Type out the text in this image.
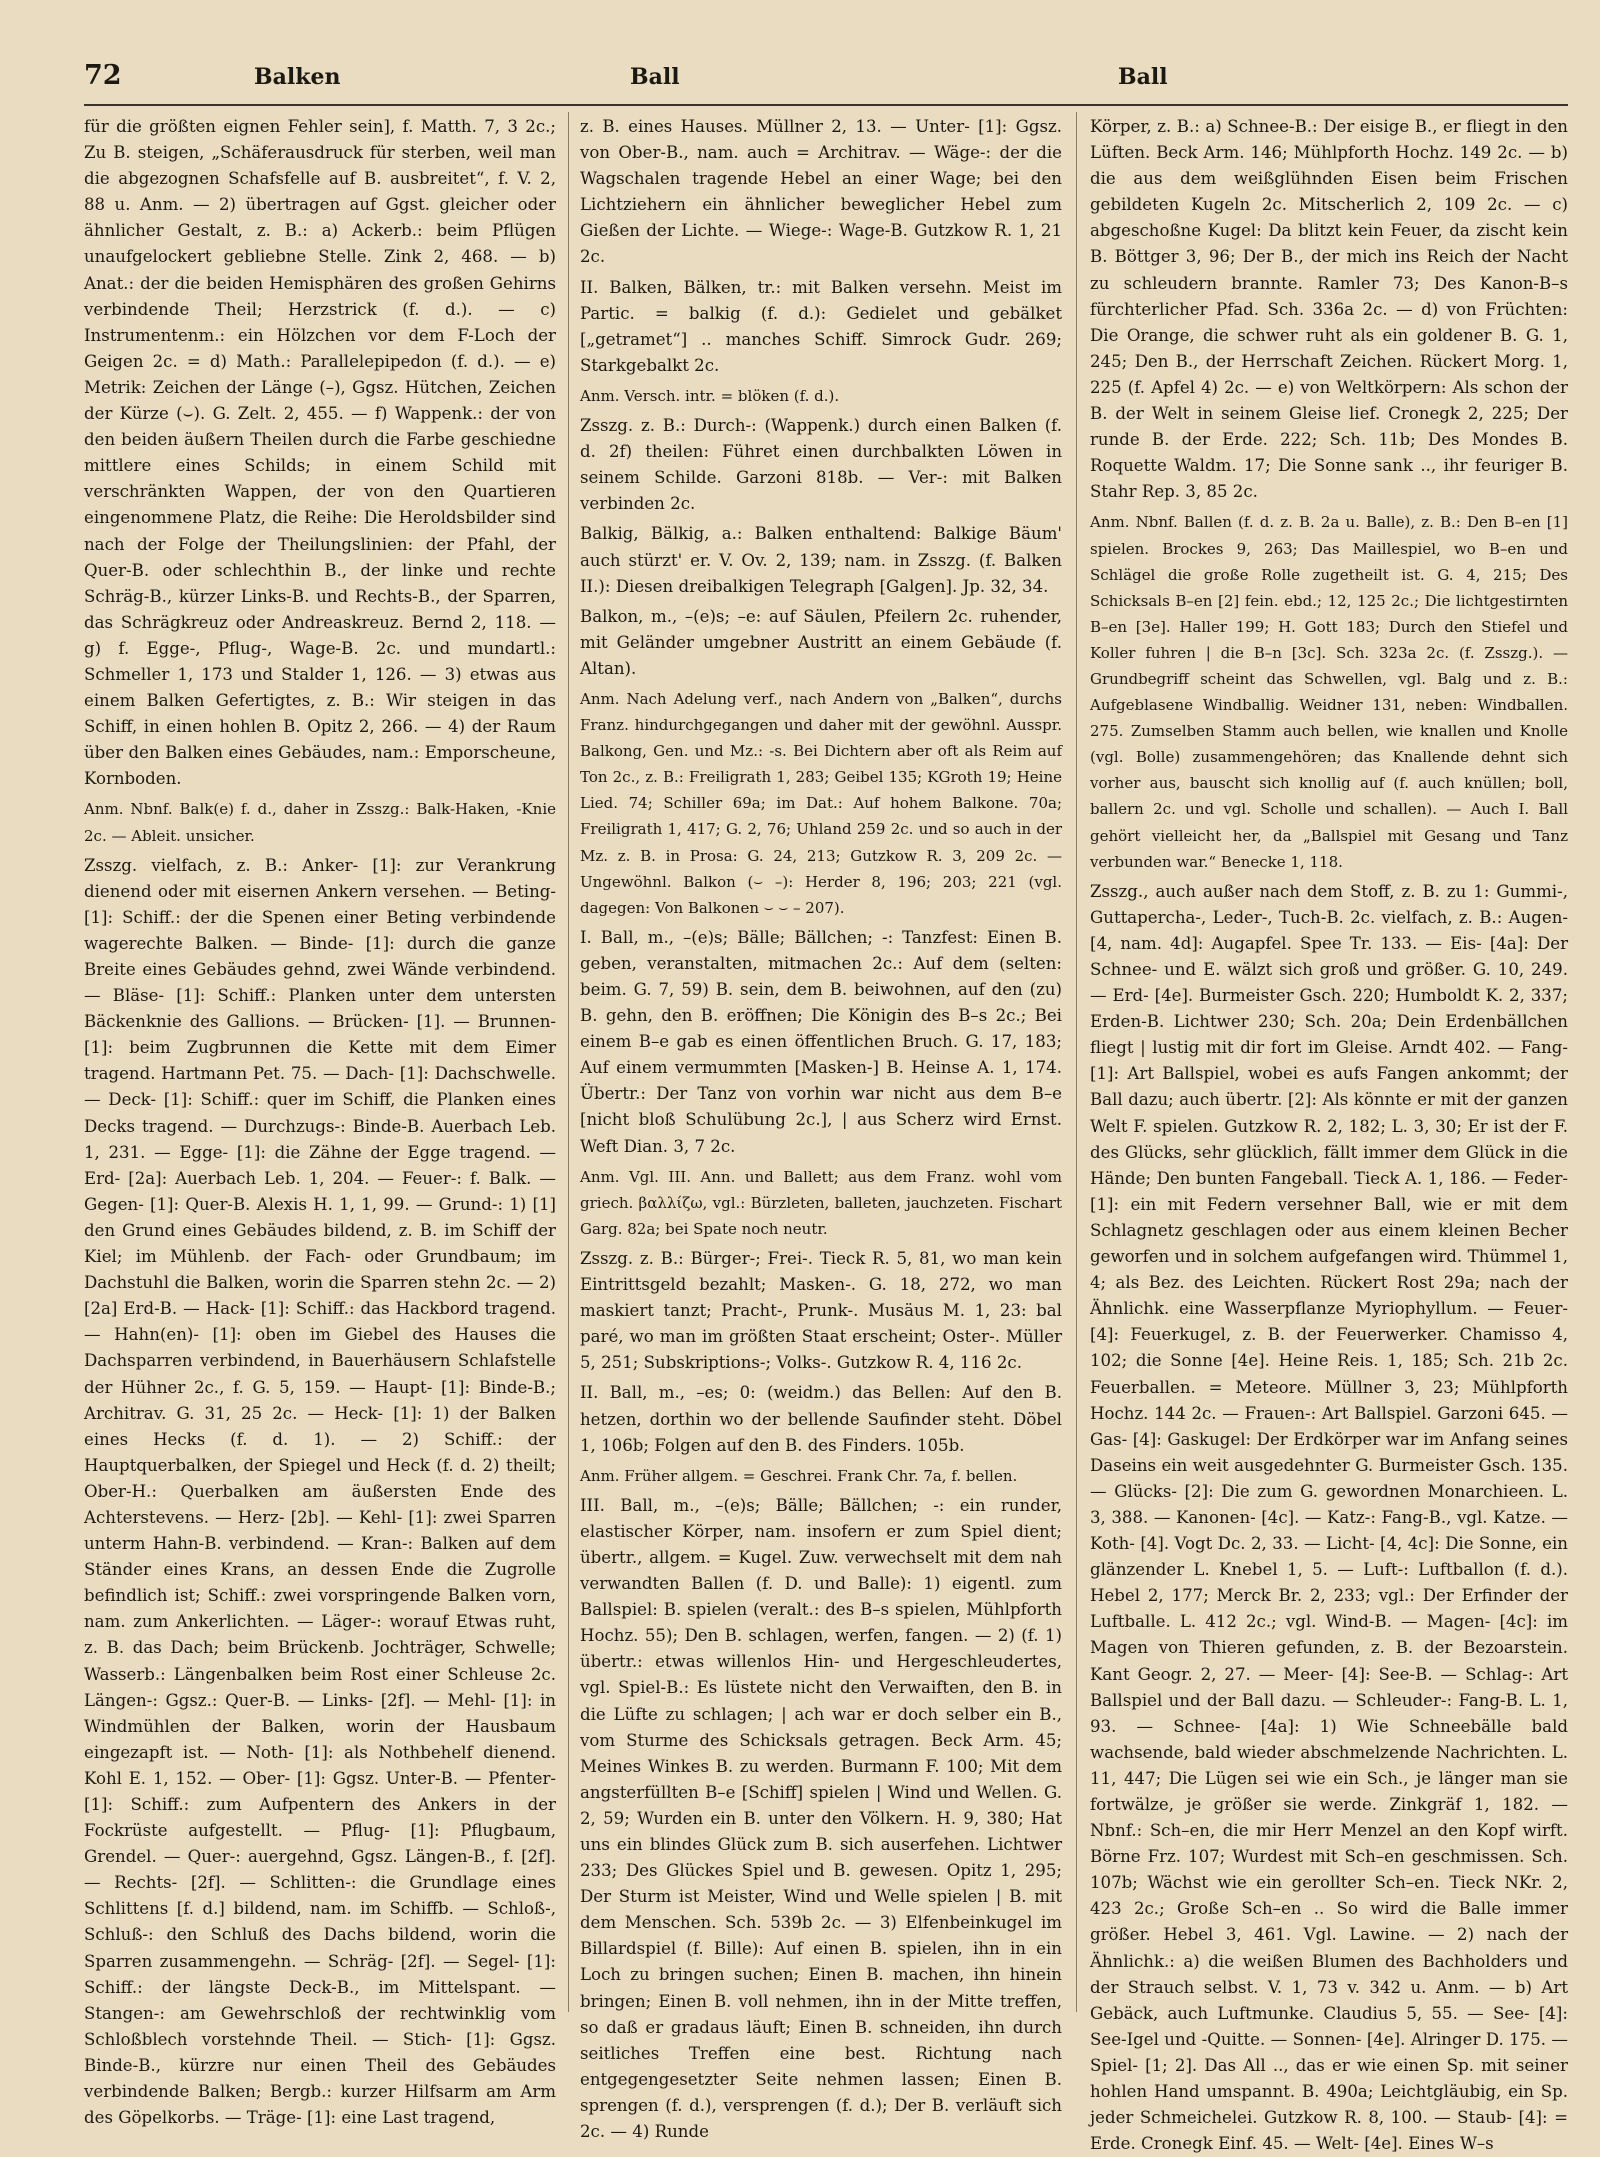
72	Balken	Ball	Ball

für die größten eignen Fehler sein], f. Matth. 7, 3 2c.; Zu B. steigen, „Schäferausdruck für sterben, weil man die abgezognen Schafsfelle auf B. ausbreitet“, f. V. 2, 88 u. Anm. — 2) übertragen auf Ggst. gleicher oder ähnlicher Gestalt, z. B.: a) Ackerb.: beim Pflügen unaufgelockert gebliebne Stelle. Zink 2, 468. — b) Anat.: der die beiden Hemisphären des großen Gehirns verbindende Theil; Herzstrick (f. d.). — c) Instrumentenm.: ein Hölzchen vor dem F-Loch der Geigen 2c. = d) Math.: Parallelepipedon (f. d.). — e) Metrik: Zeichen der Länge (–), Ggsz. Hütchen, Zeichen der Kürze (⌣). G. Zelt. 2, 455. — f) Wappenk.: der von den beiden äußern Theilen durch die Farbe geschiedne mittlere eines Schilds; in einem Schild mit verschränkten Wappen, der von den Quartieren eingenommene Platz, die Reihe: Die Heroldsbilder sind nach der Folge der Theilungslinien: der Pfahl, der Quer-B. oder schlechthin B., der linke und rechte Schräg-B., kürzer Links-B. und Rechts-B., der Sparren, das Schrägkreuz oder Andreaskreuz. Bernd 2, 118. — g) f. Egge-, Pflug-, Wage-B. 2c. und mundartl.: Schmeller 1, 173 und Stalder 1, 126. — 3) etwas aus einem Balken Gefertigtes, z. B.: Wir steigen in das Schiff, in einen hohlen B. Opitz 2, 266. — 4) der Raum über den Balken eines Gebäudes, nam.: Emporscheune, Kornboden.

Anm. Nbnf. Balk(e) f. d., daher in Zsszg.: Balk-Haken, -Knie 2c. — Ableit. unsicher.

Zsszg. vielfach, z. B.: Anker- [1]: zur Verankrung dienend oder mit eisernen Ankern versehen. — Beting- [1]: Schiff.: der die Spenen einer Beting verbindende wagerechte Balken. — Binde- [1]: durch die ganze Breite eines Gebäudes gehnd, zwei Wände verbindend. — Bläse- [1]: Schiff.: Planken unter dem untersten Bäckenknie des Gallions. — Brücken- [1]. — Brunnen- [1]: beim Zugbrunnen die Kette mit dem Eimer tragend. Hartmann Pet. 75. — Dach- [1]: Dachschwelle. — Deck- [1]: Schiff.: quer im Schiff, die Planken eines Decks tragend. — Durchzugs-: Binde-B. Auerbach Leb. 1, 231. — Egge- [1]: die Zähne der Egge tragend. — Erd- [2a]: Auerbach Leb. 1, 204. — Feuer-: f. Balk. — Gegen- [1]: Quer-B. Alexis H. 1, 1, 99. — Grund-: 1) [1] den Grund eines Gebäudes bildend, z. B. im Schiff der Kiel; im Mühlenb. der Fach- oder Grundbaum; im Dachstuhl die Balken, worin die Sparren stehn 2c. — 2) [2a] Erd-B. — Hack- [1]: Schiff.: das Hackbord tragend. — Hahn(en)- [1]: oben im Giebel des Hauses die Dachsparren verbindend, in Bauerhäusern Schlafstelle der Hühner 2c., f. G. 5, 159. — Haupt- [1]: Binde-B.; Architrav. G. 31, 25 2c. — Heck- [1]: 1) der Balken eines Hecks (f. d. 1). — 2) Schiff.: der Hauptquerbalken, der Spiegel und Heck (f. d. 2) theilt; Ober-H.: Querbalken am äußersten Ende des Achterstevens. — Herz- [2b]. — Kehl- [1]: zwei Sparren unterm Hahn-B. verbindend. — Kran-: Balken auf dem Ständer eines Krans, an dessen Ende die Zugrolle befindlich ist; Schiff.: zwei vorspringende Balken vorn, nam. zum Ankerlichten. — Läger-: worauf Etwas ruht, z. B. das Dach; beim Brückenb. Jochträger, Schwelle; Wasserb.: Längenbalken beim Rost einer Schleuse 2c. Längen-: Ggsz.: Quer-B. — Links- [2f]. — Mehl- [1]: in Windmühlen der Balken, worin der Hausbaum eingezapft ist. — Noth- [1]: als Nothbehelf dienend. Kohl E. 1, 152. — Ober- [1]: Ggsz. Unter-B. — Pfenter- [1]: Schiff.: zum Aufpentern des Ankers in der Fockrüste aufgestellt. — Pflug- [1]: Pflugbaum, Grendel. — Quer-: auergehnd, Ggsz. Längen-B., f. [2f]. — Rechts- [2f]. — Schlitten-: die Grundlage eines Schlittens [f. d.] bildend, nam. im Schiffb. — Schloß-, Schluß-: den Schluß des Dachs bildend, worin die Sparren zusammengehn. — Schräg- [2f]. — Segel- [1]: Schiff.: der längste Deck-B., im Mittelspant. — Stangen-: am Gewehrschloß der rechtwinklig vom Schloßblech vorstehnde Theil. — Stich- [1]: Ggsz. Binde-B., kürzre nur einen Theil des Gebäudes verbindende Balken; Bergb.: kurzer Hilfsarm am Arm des Göpelkorbs. — Träge- [1]: eine Last tragend,

z. B. eines Hauses. Müllner 2, 13. — Unter- [1]: Ggsz. von Ober-B., nam. auch = Architrav. — Wäge-: der die Wagschalen tragende Hebel an einer Wage; bei den Lichtziehern ein ähnlicher beweglicher Hebel zum Gießen der Lichte. — Wiege-: Wage-B. Gutzkow R. 1, 21 2c.

II. Balken, Bälken, tr.: mit Balken versehn. Meist im Partic. = balkig (f. d.): Gedielet und gebälket [„getramet“] .. manches Schiff. Simrock Gudr. 269; Starkgebalkt 2c.

Anm. Versch. intr. = blöken (f. d.).

Zsszg. z. B.: Durch-: (Wappenk.) durch einen Balken (f. d. 2f) theilen: Führet einen durchbalkten Löwen in seinem Schilde. Garzoni 818b. — Ver-: mit Balken verbinden 2c.

Balkig, Bälkig, a.: Balken enthaltend: Balkige Bäum' auch stürzt' er. V. Ov. 2, 139; nam. in Zsszg. (f. Balken II.): Diesen dreibalkigen Telegraph [Galgen]. Jp. 32, 34.

Balkon, m., –(e)s; –e: auf Säulen, Pfeilern 2c. ruhender, mit Geländer umgebner Austritt an einem Gebäude (f. Altan).

Anm. Nach Adelung verf., nach Andern von „Balken“, durchs Franz. hindurchgegangen und daher mit der gewöhnl. Ausspr. Balkong, Gen. und Mz.: -s. Bei Dichtern aber oft als Reim auf Ton 2c., z. B.: Freiligrath 1, 283; Geibel 135; KGroth 19; Heine Lied. 74; Schiller 69a; im Dat.: Auf hohem Balkone. 70a; Freiligrath 1, 417; G. 2, 76; Uhland 259 2c. und so auch in der Mz. z. B. in Prosa: G. 24, 213; Gutzkow R. 3, 209 2c. — Ungewöhnl. Balkon (⌣ –): Herder 8, 196; 203; 221 (vgl. dagegen: Von Balkonen ⌣ ⌣ – 207).

I. Ball, m., –(e)s; Bälle; Bällchen; -: Tanzfest: Einen B. geben, veranstalten, mitmachen 2c.: Auf dem (selten: beim. G. 7, 59) B. sein, dem B. beiwohnen, auf den (zu) B. gehn, den B. eröffnen; Die Königin des B–s 2c.; Bei einem B–e gab es einen öffentlichen Bruch. G. 17, 183; Auf einem vermummten [Masken-] B. Heinse A. 1, 174. Übertr.: Der Tanz von vorhin war nicht aus dem B–e [nicht bloß Schulübung 2c.], | aus Scherz wird Ernst. Weft Dian. 3, 7 2c.

Anm. Vgl. III. Ann. und Ballett; aus dem Franz. wohl vom griech. βαλλίζω, vgl.: Bürzleten, balleten, jauchzeten. Fischart Garg. 82a; bei Spate noch neutr.

Zsszg. z. B.: Bürger-; Frei-. Tieck R. 5, 81, wo man kein Eintrittsgeld bezahlt; Masken-. G. 18, 272, wo man maskiert tanzt; Pracht-, Prunk-. Musäus M. 1, 23: bal paré, wo man im größten Staat erscheint; Oster-. Müller 5, 251; Subskriptions-; Volks-. Gutzkow R. 4, 116 2c.

II. Ball, m., –es; 0: (weidm.) das Bellen: Auf den B. hetzen, dorthin wo der bellende Saufinder steht. Döbel 1, 106b; Folgen auf den B. des Finders. 105b.

Anm. Früher allgem. = Geschrei. Frank Chr. 7a, f. bellen.

III. Ball, m., –(e)s; Bälle; Bällchen; -: ein runder, elastischer Körper, nam. insofern er zum Spiel dient; übertr., allgem. = Kugel. Zuw. verwechselt mit dem nah verwandten Ballen (f. D. und Balle): 1) eigentl. zum Ballspiel: B. spielen (veralt.: des B–s spielen, Mühlpforth Hochz. 55); Den B. schlagen, werfen, fangen. — 2) (f. 1) übertr.: etwas willenlos Hin- und Hergeschleudertes, vgl. Spiel-B.: Es lüstete nicht den Verwaiften, den B. in die Lüfte zu schlagen; | ach war er doch selber ein B., vom Sturme des Schicksals getragen. Beck Arm. 45; Meines Winkes B. zu werden. Burmann F. 100; Mit dem angsterfüllten B–e [Schiff] spielen | Wind und Wellen. G. 2, 59; Wurden ein B. unter den Völkern. H. 9, 380; Hat uns ein blindes Glück zum B. sich auserfehen. Lichtwer 233; Des Glückes Spiel und B. gewesen. Opitz 1, 295; Der Sturm ist Meister, Wind und Welle spielen | B. mit dem Menschen. Sch. 539b 2c. — 3) Elfenbeinkugel im Billardspiel (f. Bille): Auf einen B. spielen, ihn in ein Loch zu bringen suchen; Einen B. machen, ihn hinein bringen; Einen B. voll nehmen, ihn in der Mitte treffen, so daß er gradaus läuft; Einen B. schneiden, ihn durch seitliches Treffen eine best. Richtung nach entgegengesetzter Seite nehmen lassen; Einen B. sprengen (f. d.), versprengen (f. d.); Der B. verläuft sich 2c. — 4) Runde

Körper, z. B.: a) Schnee-B.: Der eisige B., er fliegt in den Lüften. Beck Arm. 146; Mühlpforth Hochz. 149 2c. — b) die aus dem weißglühnden Eisen beim Frischen gebildeten Kugeln 2c. Mitscherlich 2, 109 2c. — c) abgeschoßne Kugel: Da blitzt kein Feuer, da zischt kein B. Böttger 3, 96; Der B., der mich ins Reich der Nacht zu schleudern brannte. Ramler 73; Des Kanon-B–s fürchterlicher Pfad. Sch. 336a 2c. — d) von Früchten: Die Orange, die schwer ruht als ein goldener B. G. 1, 245; Den B., der Herrschaft Zeichen. Rückert Morg. 1, 225 (f. Apfel 4) 2c. — e) von Weltkörpern: Als schon der B. der Welt in seinem Gleise lief. Cronegk 2, 225; Der runde B. der Erde. 222; Sch. 11b; Des Mondes B. Roquette Waldm. 17; Die Sonne sank .., ihr feuriger B. Stahr Rep. 3, 85 2c.

Anm. Nbnf. Ballen (f. d. z. B. 2a u. Balle), z. B.: Den B–en [1] spielen. Brockes 9, 263; Das Maillespiel, wo B–en und Schlägel die große Rolle zugetheilt ist. G. 4, 215; Des Schicksals B–en [2] fein. ebd.; 12, 125 2c.; Die lichtgestirnten B–en [3e]. Haller 199; H. Gott 183; Durch den Stiefel und Koller fuhren | die B–n [3c]. Sch. 323a 2c. (f. Zsszg.). — Grundbegriff scheint das Schwellen, vgl. Balg und z. B.: Aufgeblasene Windballig. Weidner 131, neben: Windballen. 275. Zumselben Stamm auch bellen, wie knallen und Knolle (vgl. Bolle) zusammengehören; das Knallende dehnt sich vorher aus, bauscht sich knollig auf (f. auch knüllen; boll, ballern 2c. und vgl. Scholle und schallen). — Auch I. Ball gehört vielleicht her, da „Ballspiel mit Gesang und Tanz verbunden war.“ Benecke 1, 118.

Zsszg., auch außer nach dem Stoff, z. B. zu 1: Gummi-, Guttapercha-, Leder-, Tuch-B. 2c. vielfach, z. B.: Augen- [4, nam. 4d]: Augapfel. Spee Tr. 133. — Eis- [4a]: Der Schnee- und E. wälzt sich groß und größer. G. 10, 249. — Erd- [4e]. Burmeister Gsch. 220; Humboldt K. 2, 337; Erden-B. Lichtwer 230; Sch. 20a; Dein Erdenbällchen fliegt | lustig mit dir fort im Gleise. Arndt 402. — Fang- [1]: Art Ballspiel, wobei es aufs Fangen ankommt; der Ball dazu; auch übertr. [2]: Als könnte er mit der ganzen Welt F. spielen. Gutzkow R. 2, 182; L. 3, 30; Er ist der F. des Glücks, sehr glücklich, fällt immer dem Glück in die Hände; Den bunten Fangeball. Tieck A. 1, 186. — Feder- [1]: ein mit Federn versehner Ball, wie er mit dem Schlagnetz geschlagen oder aus einem kleinen Becher geworfen und in solchem aufgefangen wird. Thümmel 1, 4; als Bez. des Leichten. Rückert Rost 29a; nach der Ähnlichk. eine Wasserpflanze Myriophyllum. — Feuer- [4]: Feuerkugel, z. B. der Feuerwerker. Chamisso 4, 102; die Sonne [4e]. Heine Reis. 1, 185; Sch. 21b 2c. Feuerballen. = Meteore. Müllner 3, 23; Mühlpforth Hochz. 144 2c. — Frauen-: Art Ballspiel. Garzoni 645. — Gas- [4]: Gaskugel: Der Erdkörper war im Anfang seines Daseins ein weit ausgedehnter G. Burmeister Gsch. 135. — Glücks- [2]: Die zum G. gewordnen Monarchieen. L. 3, 388. — Kanonen- [4c]. — Katz-: Fang-B., vgl. Katze. — Koth- [4]. Vogt Dc. 2, 33. — Licht- [4, 4c]: Die Sonne, ein glänzender L. Knebel 1, 5. — Luft-: Luftballon (f. d.). Hebel 2, 177; Merck Br. 2, 233; vgl.: Der Erfinder der Luftballe. L. 412 2c.; vgl. Wind-B. — Magen- [4c]: im Magen von Thieren gefunden, z. B. der Bezoarstein. Kant Geogr. 2, 27. — Meer- [4]: See-B. — Schlag-: Art Ballspiel und der Ball dazu. — Schleuder-: Fang-B. L. 1, 93. — Schnee- [4a]: 1) Wie Schneebälle bald wachsende, bald wieder abschmelzende Nachrichten. L. 11, 447; Die Lügen sei wie ein Sch., je länger man sie fortwälze, je größer sie werde. Zinkgräf 1, 182. — Nbnf.: Sch–en, die mir Herr Menzel an den Kopf wirft. Börne Frz. 107; Wurdest mit Sch–en geschmissen. Sch. 107b; Wächst wie ein gerollter Sch–en. Tieck NKr. 2, 423 2c.; Große Sch–en .. So wird die Balle immer größer. Hebel 3, 461. Vgl. Lawine. — 2) nach der Ähnlichk.: a) die weißen Blumen des Bachholders und der Strauch selbst. V. 1, 73 v. 342 u. Anm. — b) Art Gebäck, auch Luftmunke. Claudius 5, 55. — See- [4]: See-Igel und -Quitte. — Sonnen- [4e]. Alringer D. 175. — Spiel- [1; 2]. Das All .., das er wie einen Sp. mit seiner hohlen Hand umspannt. B. 490a; Leichtgläubig, ein Sp. jeder Schmeichelei. Gutzkow R. 8, 100. — Staub- [4]: = Erde. Cronegk Einf. 45. — Welt- [4e]. Eines W–s
